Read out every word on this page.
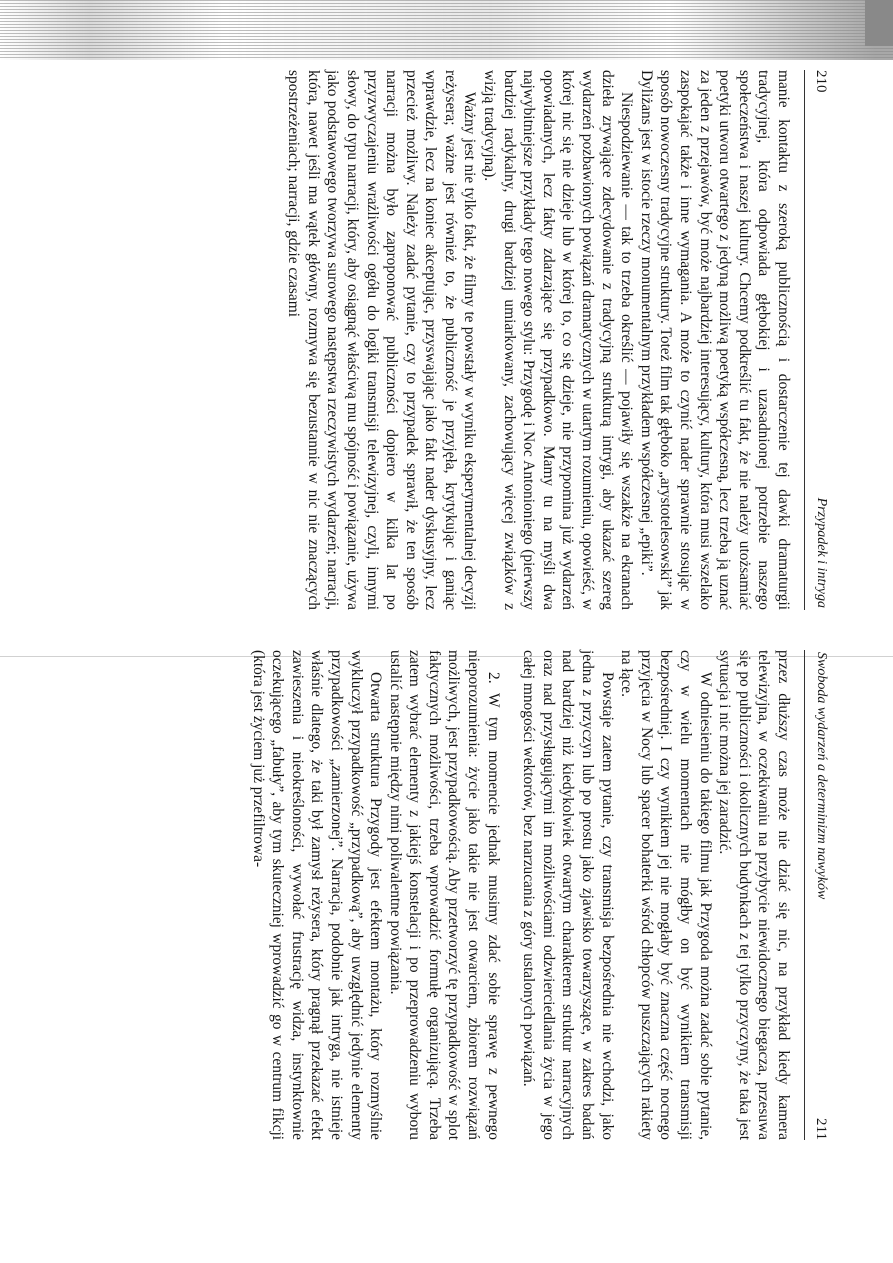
210
Przypadek i intryga

manie kontaktu z szeroką publicznością i dostarczenie tej dawki dramaturgii tradycyjnej, która odpowiada głębokiej i uzasadnionej potrzebie naszego społeczeństwa i naszej kultury. Chcemy podkreślić tu fakt, że nie należy utożsamiać poetyki utworu otwartego z jedyną możliwą poetyką współczesną, lecz trzeba ją uznać za jeden z przejawów, być może najbardziej interesujący, kultury, która musi wszelako zaspokajać także i inne wymagania. A może to czynić nader sprawnie stosując w sposób nowoczesny tradycyjne struktury. Toteż film tak głęboko „arystotelesowski” jak Dyliżans jest w istocie rzeczy monumentalnym przykładem współczesnej „epiki”.

Niespodziewanie — tak to trzeba określić — pojawiły się wszakże na ekranach dzieła zrywające zdecydowanie z tradycyjną strukturą intrygi, aby ukazać szereg wydarzeń pozbawionych powiązań dramatycznych w utartym rozumieniu, opowieść, w której nic się nie dzieje lub w której to, co się dzieje, nie przypomina już wydarzeń opowiadanych, lecz fakty zdarzające się przypadkowo. Mamy tu na myśli dwa najwybitniejsze przykłady tego nowego stylu: Przygodę i Noc Antonioniego (pierwszy bardziej radykalny, drugi bardziej umiarkowany, zachowujący więcej związków z wizją tradycyjną).

Ważny jest nie tylko fakt, że filmy te powstały w wyniku eksperymentalnej decyzji reżysera; ważne jest również to, że publiczność je przyjęła, krytykując i ganiąc wprawdzie, lecz na koniec akceptując, przyswajając jako fakt nader dyskusyjny, lecz przecież możliwy. Należy zadać pytanie, czy to przypadek sprawił, że ten sposób narracji można było zaproponować publiczności dopiero w kilka lat po przyzwyczajeniu wrażliwości ogółu do logiki transmisji telewizyjnej, czyli, innymi słowy, do typu narracji, który, aby osiągnąć właściwą mu spójność i powiązanie, używa jako podstawowego tworzywa surowego następstwa rzeczywistych wydarzeń; narracji, która, nawet jeśli ma wątek główny, rozmywa się bezustannie w nic nie znaczących spostrzeżeniach; narracji, gdzie czasami

Swoboda wydarzeń a determinizm nawyków
211

przez dłuższy czas może nie dziać się nic, na przykład kiedy kamera telewizyjna, w oczekiwaniu na przybycie niewidocznego biegacza, przesuwa się po publiczności i okolicznych budynkach z tej tylko przyczyny, że taka jest sytuacja i nic można jej zaradzić.

W odniesieniu do takiego filmu jak Przygoda można zadać sobie pytanie, czy w wielu momentach nie mógłby on być wynikiem transmisji bezpośredniej. I czy wynikiem jej nie mogłaby być znaczna część nocnego przyjęcia w Nocy lub spacer bohaterki wśród chłopców puszczających rakiety na łące.

Powstaje zatem pytanie, czy transmisja bezpośrednia nie wchodzi, jako jedna z przyczyn lub po prostu jako zjawisko towarzyszące, w zakres badań nad bardziej niż kiedykolwiek otwartym charakterem struktur narracyjnych oraz nad przysługującymi im możliwościami odzwierciedlania życia w jego całej mnogości wektorów, bez narzucania z góry ustalonych powiązań.

2. W tym momencie jednak musimy zdać sobie sprawę z pewnego nieporozumienia: życie jako takie nie jest otwarciem, zbiorem rozwiązań możliwych, jest przypadkowością. Aby przetworzyć tę przypadkowość w splot faktycznych możliwości, trzeba wprowadzić formułę organizującą. Trzeba zatem wybrać elementy z jakiejś konstelacji i po przeprowadzeniu wyboru ustalić następnie między nimi poliwalentne powiązania.

Otwarta struktura Przygody jest efektem montażu, który rozmyślnie wykluczył przypadkowość „przypadkową”, aby uwzględnić jedynie elementy przypadkowości „zamierzonej”. Narracja, podobnie jak intryga, nie istnieje właśnie dlatego, że taki był zamysł reżysera, który pragnął przekazać efekt zawieszenia i nieokreśloności, wywołać frustrację widza, instynktownie oczekującego „fabuły”, aby tym skuteczniej wprowadzić go w centrum fikcji (która jest życiem już przefiltrowa-
